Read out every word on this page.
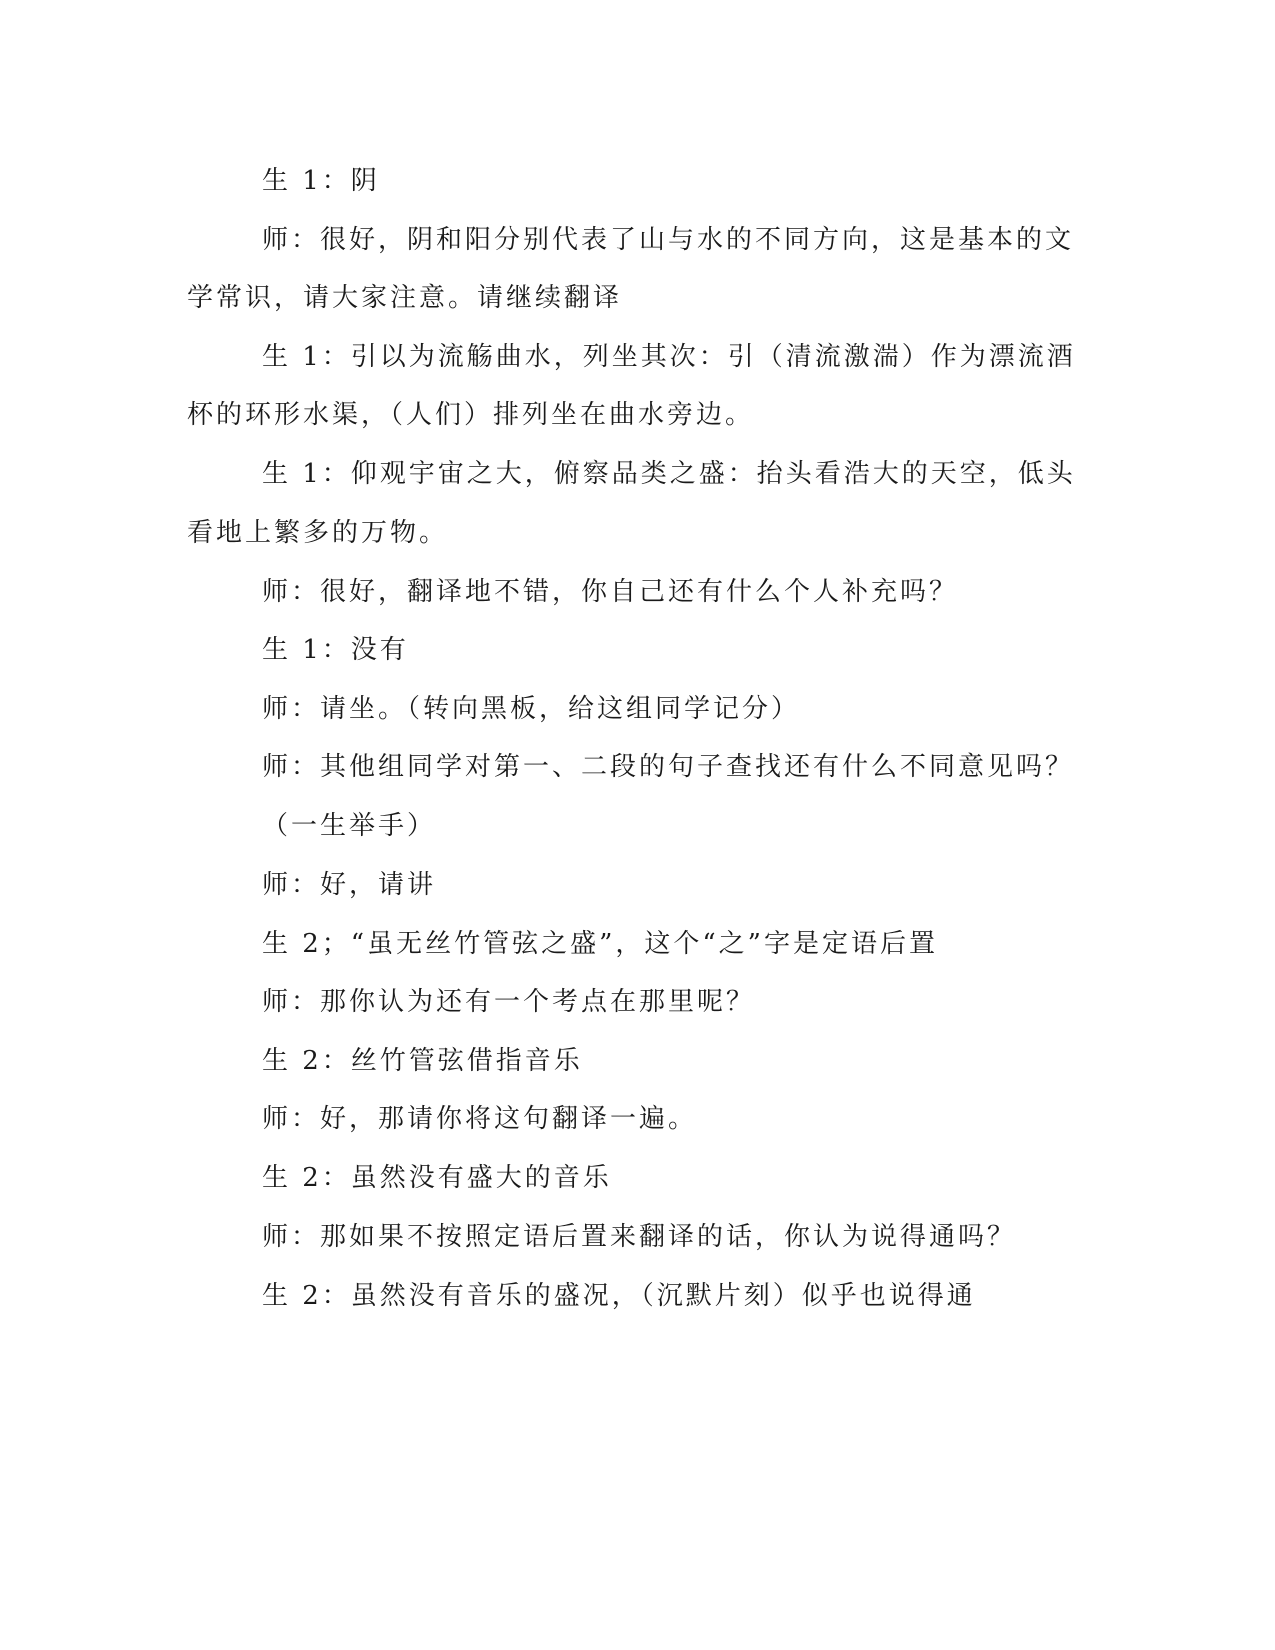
生 1：阴

师：很好，阴和阳分别代表了山与水的不同方向，这是基本的文

学常识，请大家注意。请继续翻译

生 1：引以为流觞曲水，列坐其次：引（清流激湍）作为漂流酒

杯的环形水渠，（人们）排列坐在曲水旁边。

生 1：仰观宇宙之大，俯察品类之盛：抬头看浩大的天空，低头

看地上繁多的万物。

师：很好，翻译地不错，你自己还有什么个人补充吗？

生 1：没有

师：请坐。（转向黑板，给这组同学记分）

师：其他组同学对第一、二段的句子查找还有什么不同意见吗？

（一生举手）

师：好，请讲

生 2；“虽无丝竹管弦之盛”，这个“之”字是定语后置

师：那你认为还有一个考点在那里呢？

生 2：丝竹管弦借指音乐

师：好，那请你将这句翻译一遍。

生 2：虽然没有盛大的音乐

师：那如果不按照定语后置来翻译的话，你认为说得通吗？

生 2：虽然没有音乐的盛况，（沉默片刻）似乎也说得通
